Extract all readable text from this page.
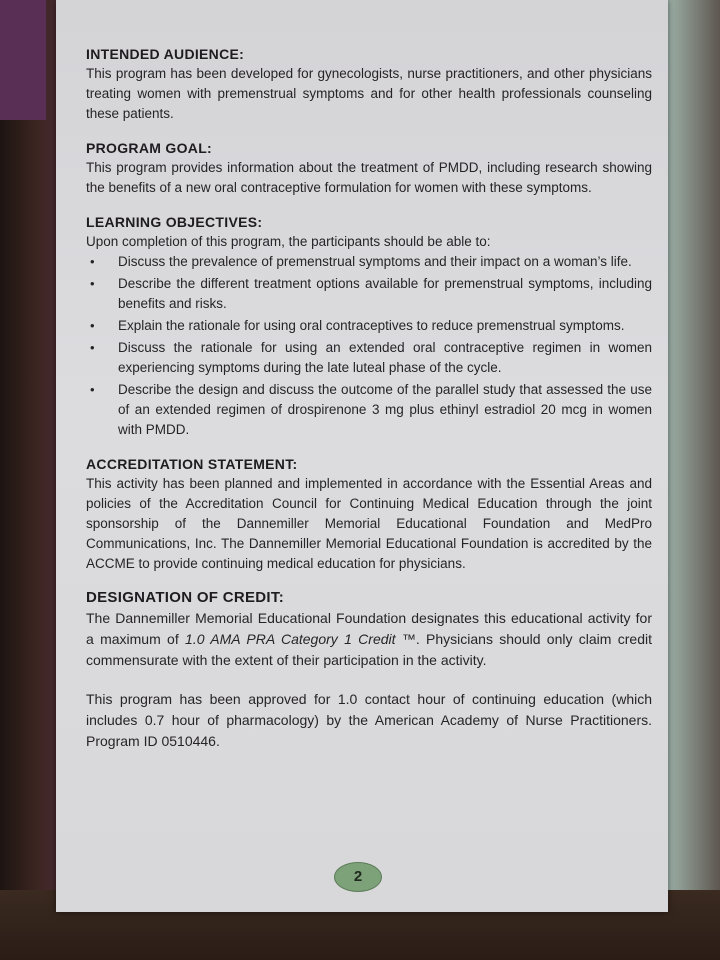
INTENDED AUDIENCE:
This program has been developed for gynecologists, nurse practitioners, and other physicians treating women with premenstrual symptoms and for other health professionals counseling these patients.
PROGRAM GOAL:
This program provides information about the treatment of PMDD, including research showing the benefits of a new oral contraceptive formulation for women with these symptoms.
LEARNING OBJECTIVES:
Upon completion of this program, the participants should be able to:
• Discuss the prevalence of premenstrual symptoms and their impact on a woman’s life.
• Describe the different treatment options available for premenstrual symptoms, including benefits and risks.
• Explain the rationale for using oral contraceptives to reduce premenstrual symptoms.
• Discuss the rationale for using an extended oral contraceptive regimen in women experiencing symptoms during the late luteal phase of the cycle.
• Describe the design and discuss the outcome of the parallel study that assessed the use of an extended regimen of drospirenone 3 mg plus ethinyl estradiol 20 mcg in women with PMDD.
ACCREDITATION STATEMENT:
This activity has been planned and implemented in accordance with the Essential Areas and policies of the Accreditation Council for Continuing Medical Education through the joint sponsorship of the Dannemiller Memorial Educational Foundation and MedPro Communications, Inc. The Dannemiller Memorial Educational Foundation is accredited by the ACCME to provide continuing medical education for physicians.
DESIGNATION OF CREDIT:
The Dannemiller Memorial Educational Foundation designates this educational activity for a maximum of 1.0 AMA PRA Category 1 Credit ™. Physicians should only claim credit commensurate with the extent of their participation in the activity.
This program has been approved for 1.0 contact hour of continuing education (which includes 0.7 hour of pharmacology) by the American Academy of Nurse Practitioners. Program ID 0510446.
2
